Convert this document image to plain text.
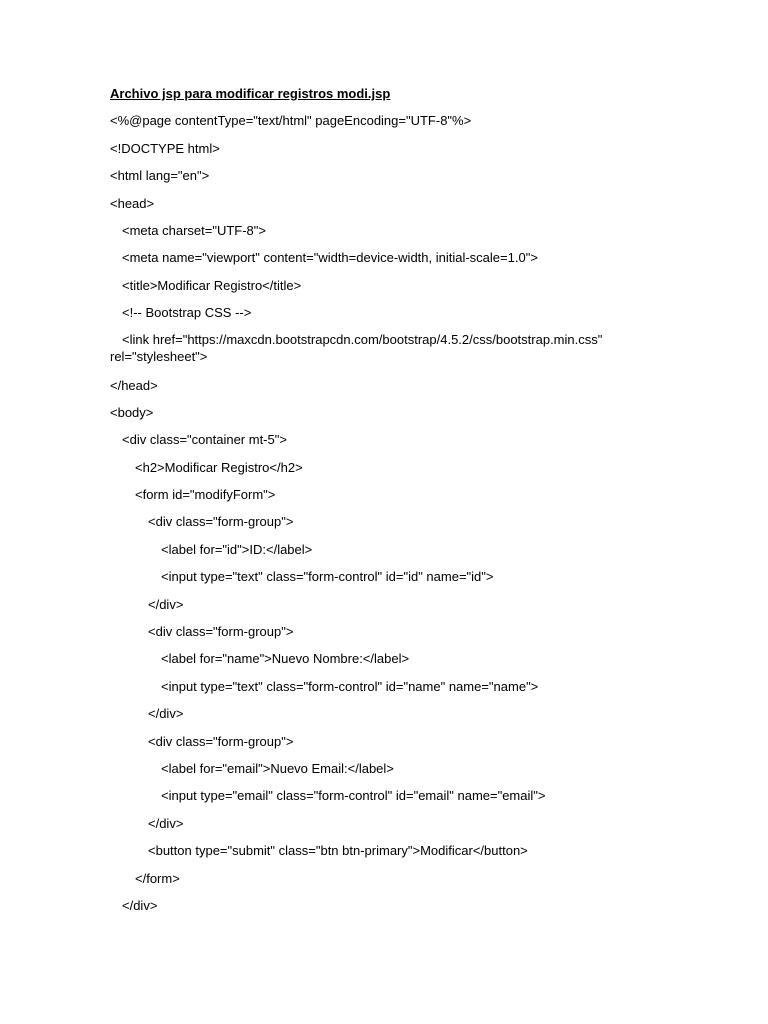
Archivo jsp para modificar registros modi.jsp
<%@page contentType="text/html" pageEncoding="UTF-8"%>
<!DOCTYPE html>
<html lang="en">
<head>
<meta charset="UTF-8">
<meta name="viewport" content="width=device-width, initial-scale=1.0">
<title>Modificar Registro</title>
<!-- Bootstrap CSS -->
<link href="https://maxcdn.bootstrapcdn.com/bootstrap/4.5.2/css/bootstrap.min.css" rel="stylesheet">
</head>
<body>
<div class="container mt-5">
<h2>Modificar Registro</h2>
<form id="modifyForm">
<div class="form-group">
<label for="id">ID:</label>
<input type="text" class="form-control" id="id" name="id">
</div>
<div class="form-group">
<label for="name">Nuevo Nombre:</label>
<input type="text" class="form-control" id="name" name="name">
</div>
<div class="form-group">
<label for="email">Nuevo Email:</label>
<input type="email" class="form-control" id="email" name="email">
</div>
<button type="submit" class="btn btn-primary">Modificar</button>
</form>
</div>
